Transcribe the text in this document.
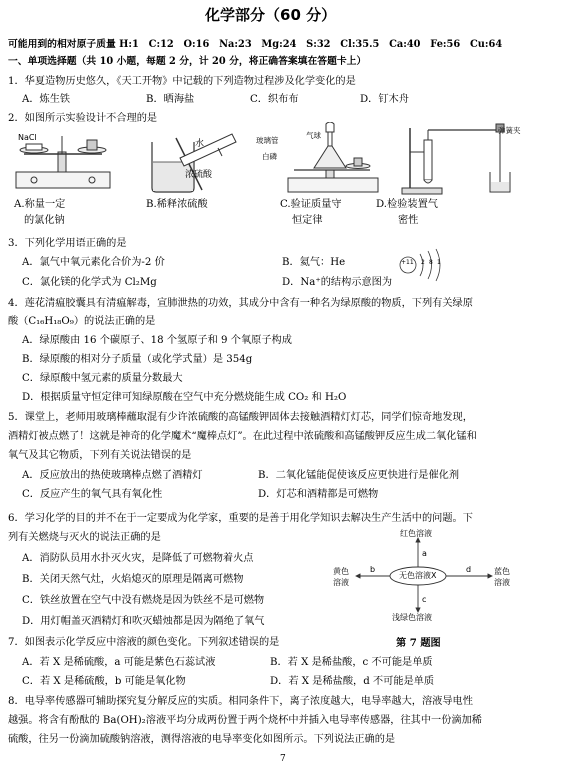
化学部分（60 分）
可能用到的相对原子质量 H:1　C:12　O:16　Na:23　Mg:24　S:32　Cl:35.5　Ca:40　Fe:56　Cu:64
一、单项选择题（共 10 小题，每题 2 分，计 20 分，将正确答案填在答题卡上）
1．华夏造物历史悠久，《天工开物》中记载的下列造物过程涉及化学变化的是
A．炼生铁	B．晒海盐	C．织布布	D．钉木舟
2．如图所示实验设计不合理的是
NaCl
水
浓硫酸
玻璃管
气球
白磷
弹簧夹
A.称量一定
的氯化钠
B.稀释浓硫酸	C.验证质量守
恒定律
D.检验装置气
密性
3．下列化学用语正确的是
A．氯气中氧元素化合价为-2 价	B．氦气：He
C．氯化镁的化学式为 Cl₂Mg	D．Na⁺的结构示意图为
+11 2 8 1
4．莲花清瘟胶囊具有清瘟解毒，宣肺泄热的功效，其成分中含有一种名为绿原酸的物质，下列有关绿原
酸（C₁₆H₁₈O₉）的说法正确的是
A．绿原酸由 16 个碳原子、18 个氢原子和 9 个氧原子构成
B．绿原酸的相对分子质量（或化学式量）是 354g
C．绿原酸中氢元素的质量分数最大
D．根据质量守恒定律可知绿原酸在空气中充分燃烧能生成 CO₂ 和 H₂O
5．课堂上，老师用玻璃棒蘸取混有少许浓硫酸的高锰酸钾固体去接触酒精灯灯芯，同学们惊奇地发现，
酒精灯被点燃了！这就是神奇的化学魔术“魔棒点灯”。在此过程中浓硫酸和高锰酸钾反应生成二氧化锰和
氧气及其它物质，下列有关说法错误的是
A．反应放出的热使玻璃棒点燃了酒精灯	B．二氧化锰能促使该反应更快进行是催化剂
C．反应产生的氧气具有氧化性	D．灯芯和酒精都是可燃物
6．学习化学的目的并不在于一定要成为化学家，重要的是善于用化学知识去解决生产生活中的问题。下
列有关燃烧与灭火的说法正确的是
A．消防队员用水扑灭火灾，是降低了可燃物着火点
B．关闭天然气灶，火焰熄灭的原理是隔离可燃物
C．铁丝放置在空气中没有燃烧是因为铁丝不是可燃物
D．用灯帽盖灭酒精灯和吹灭蜡烛都是因为隔绝了氧气
a
b
c
d
无色溶液X
红色溶液
黄色溶液
蓝色溶液
浅绿色溶液
7．如图表示化学反应中溶液的颜色变化。下列叙述错误的是	第 7 题图
A．若 X 是稀硫酸，a 可能是紫色石蕊试液	B．若 X 是稀盐酸，c 不可能是单质
C．若 X 是稀硫酸，b 可能是氧化物	D．若 X 是稀盐酸，d 不可能是单质
8．电导率传感器可辅助探究复分解反应的实质。相同条件下，离子浓度越大，电导率越大，溶液导电性
越强。将含有酚酞的 Ba(OH)₂溶液平均分成两份置于两个烧杯中并插入电导率传感器，往其中一份滴加稀
硫酸，往另一份滴加硫酸钠溶液，测得溶液的电导率变化如图所示。下列说法正确的是
7
